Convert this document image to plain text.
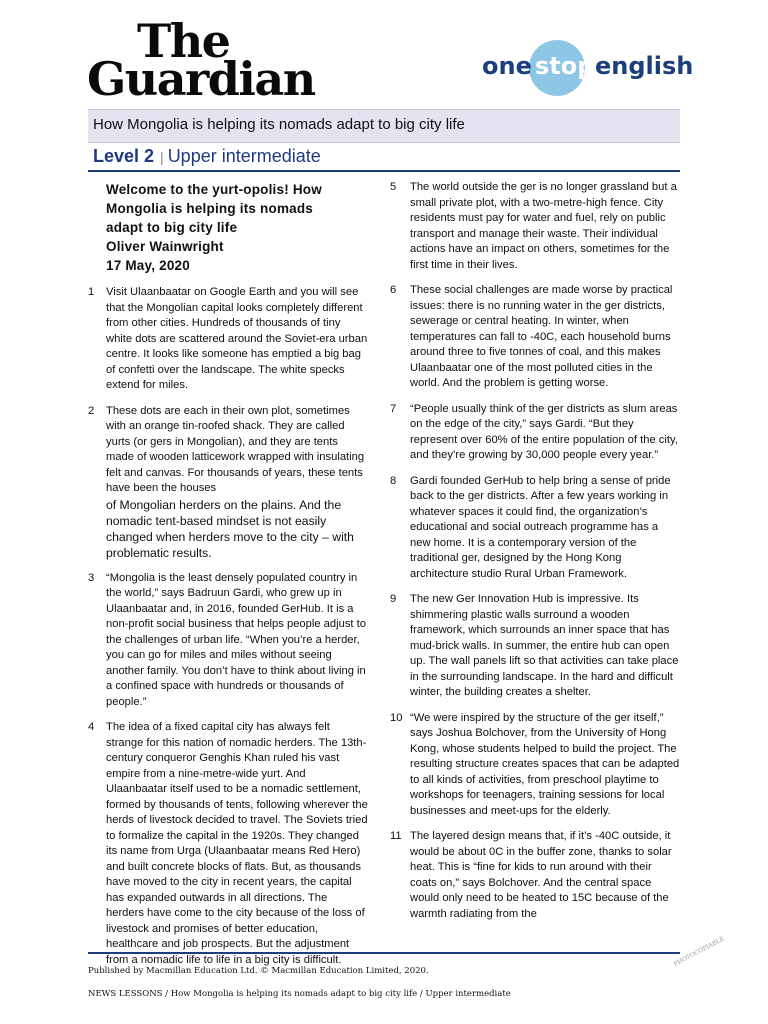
The
Guardian	one stop english
How Mongolia is helping its nomads adapt to big city life
Level 2 | Upper intermediate
Welcome to the yurt-opolis! How
Mongolia is helping its nomads
adapt to big city life
Oliver Wainwright
17 May, 2020
1 Visit Ulaanbaatar on Google Earth and you will see that the Mongolian capital looks completely different from other cities. Hundreds of thousands of tiny white dots are scattered around the Soviet-era urban centre. It looks like someone has emptied a big bag of confetti over the landscape. The white specks extend for miles.
2 These dots are each in their own plot, sometimes with an orange tin-roofed shack. They are called yurts (or gers in Mongolian), and they are tents made of wooden latticework wrapped with insulating felt and canvas. For thousands of years, these tents have been the houses
of Mongolian herders on the plains. And the nomadic tent-based mindset is not easily changed when herders move to the city – with problematic results.
3 “Mongolia is the least densely populated country in the world,” says Badruun Gardi, who grew up in Ulaanbaatar and, in 2016, founded GerHub. It is a non-profit social business that helps people adjust to the challenges of urban life. “When you’re a herder, you can go for miles and miles without seeing another family. You don’t have to think about living in a confined space with hundreds or thousands of people.”
4 The idea of a fixed capital city has always felt strange for this nation of nomadic herders. The 13th-century conqueror Genghis Khan ruled his vast empire from a nine-metre-wide yurt. And Ulaanbaatar itself used to be a nomadic settlement, formed by thousands of tents, following wherever the herds of livestock decided to travel. The Soviets tried to formalize the capital in the 1920s. They changed its name from Urga (Ulaanbaatar means Red Hero) and built concrete blocks of flats. But, as thousands have moved to the city in recent years, the capital has expanded outwards in all directions. The herders have come to the city because of the loss of livestock and promises of better education, healthcare and job prospects. But the adjustment from a nomadic life to life in a big city is difficult.
5 The world outside the ger is no longer grassland but a small private plot, with a two-metre-high fence. City residents must pay for water and fuel, rely on public transport and manage their waste. Their individual actions have an impact on others, sometimes for the first time in their lives.
6 These social challenges are made worse by practical issues: there is no running water in the ger districts, sewerage or central heating. In winter, when temperatures can fall to -40C, each household burns around three to five tonnes of coal, and this makes Ulaanbaatar one of the most polluted cities in the world. And the problem is getting worse.
7 “People usually think of the ger districts as slum areas on the edge of the city,” says Gardi. “But they represent over 60% of the entire population of the city, and they’re growing by 30,000 people every year.”
8 Gardi founded GerHub to help bring a sense of pride back to the ger districts. After a few years working in whatever spaces it could find, the organization’s educational and social outreach programme has a new home. It is a contemporary version of the traditional ger, designed by the Hong Kong architecture studio Rural Urban Framework.
9 The new Ger Innovation Hub is impressive. Its shimmering plastic walls surround a wooden framework, which surrounds an inner space that has mud-brick walls. In summer, the entire hub can open up. The wall panels lift so that activities can take place in the surrounding landscape. In the hard and difficult winter, the building creates a shelter.
10 “We were inspired by the structure of the ger itself,” says Joshua Bolchover, from the University of Hong Kong, whose students helped to build the project. The resulting structure creates spaces that can be adapted to all kinds of activities, from preschool playtime to workshops for teenagers, training sessions for local businesses and meet-ups for the elderly.
11 The layered design means that, if it’s -40C outside, it would be about 0C in the buffer zone, thanks to solar heat. This is “fine for kids to run around with their coats on,” says Bolchover. And the central space would only need to be heated to 15C because of the warmth radiating from the
Published by Macmillan Education Ltd. © Macmillan Education Limited, 2020.
NEWS LESSONS / How Mongolia is helping its nomads adapt to big city life / Upper intermediate
PHOTOCOPIABLE
